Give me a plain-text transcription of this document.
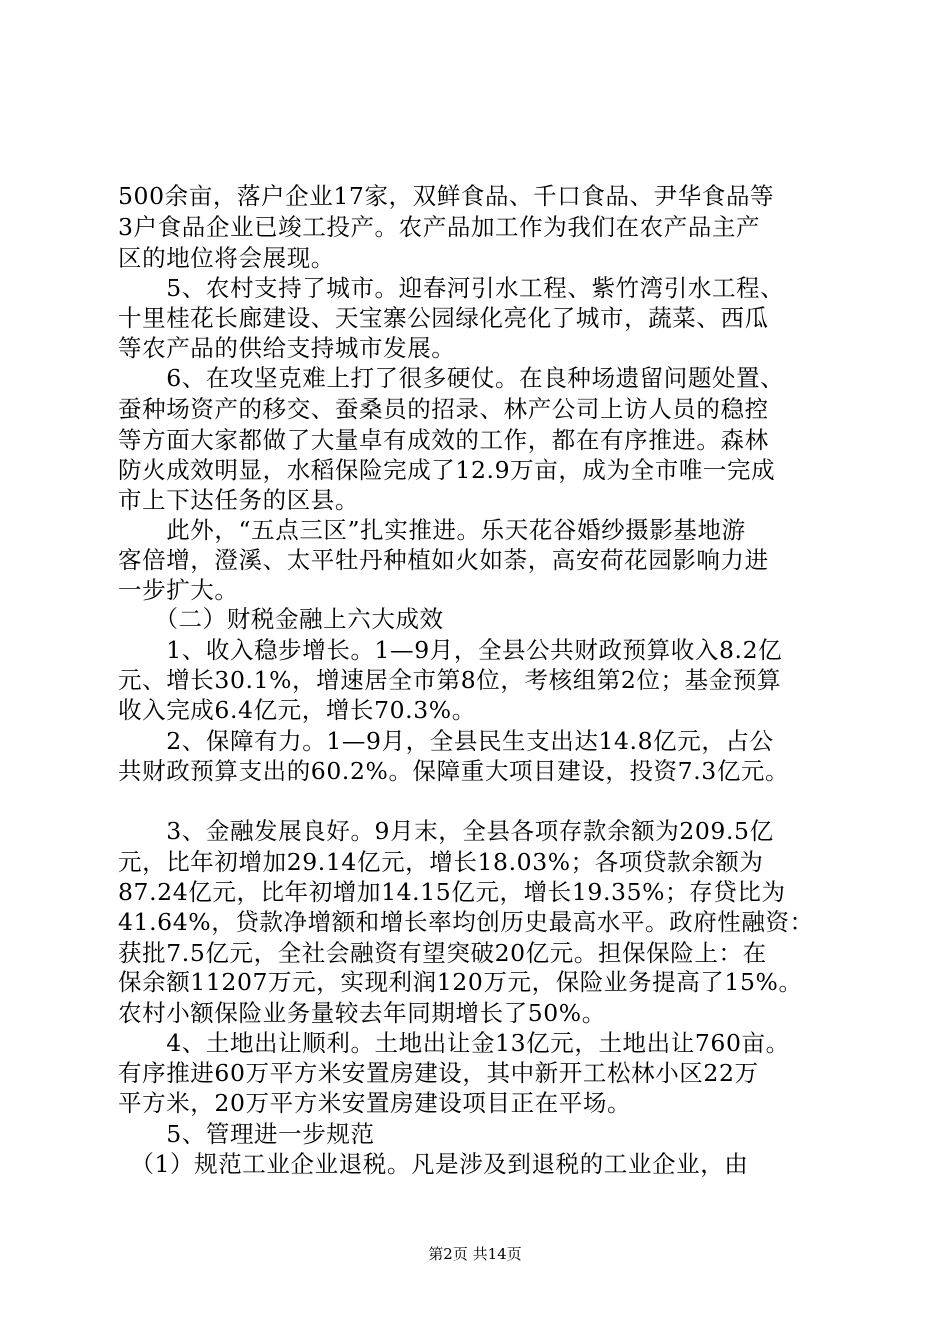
500余亩，落户企业17家，双鲜食品、千口食品、尹华食品等
3户食品企业已竣工投产。农产品加工作为我们在农产品主产
区的地位将会展现。
　　5、农村支持了城市。迎春河引水工程、紫竹湾引水工程、
十里桂花长廊建设、天宝寨公园绿化亮化了城市，蔬菜、西瓜
等农产品的供给支持城市发展。
　　6、在攻坚克难上打了很多硬仗。在良种场遗留问题处置、
蚕种场资产的移交、蚕桑员的招录、林产公司上访人员的稳控
等方面大家都做了大量卓有成效的工作，都在有序推进。森林
防火成效明显，水稻保险完成了12.9万亩，成为全市唯一完成
市上下达任务的区县。
　　此外，“五点三区”扎实推进。乐天花谷婚纱摄影基地游
客倍增，澄溪、太平牡丹种植如火如荼，高安荷花园影响力进
一步扩大。
　　（二）财税金融上六大成效
　　1、收入稳步增长。1—9月，全县公共财政预算收入8.2亿
元、增长30.1%，增速居全市第8位，考核组第2位；基金预算
收入完成6.4亿元，增长70.3%。
　　2、保障有力。1—9月，全县民生支出达14.8亿元，占公
共财政预算支出的60.2%。保障重大项目建设，投资7.3亿元。
　　3、金融发展良好。9月末，全县各项存款余额为209.5亿
元，比年初增加29.14亿元，增长18.03%；各项贷款余额为
87.24亿元，比年初增加14.15亿元，增长19.35%；存贷比为
41.64%，贷款净增额和增长率均创历史最高水平。政府性融资：
获批7.5亿元，全社会融资有望突破20亿元。担保保险上：在
保余额11207万元，实现利润120万元，保险业务提高了15%。
农村小额保险业务量较去年同期增长了50%。
　　4、土地出让顺利。土地出让金13亿元，土地出让760亩。
有序推进60万平方米安置房建设，其中新开工松林小区22万
平方米，20万平方米安置房建设项目正在平场。
　　5、管理进一步规范
　（1）规范工业企业退税。凡是涉及到退税的工业企业，由
第2页 共14页
